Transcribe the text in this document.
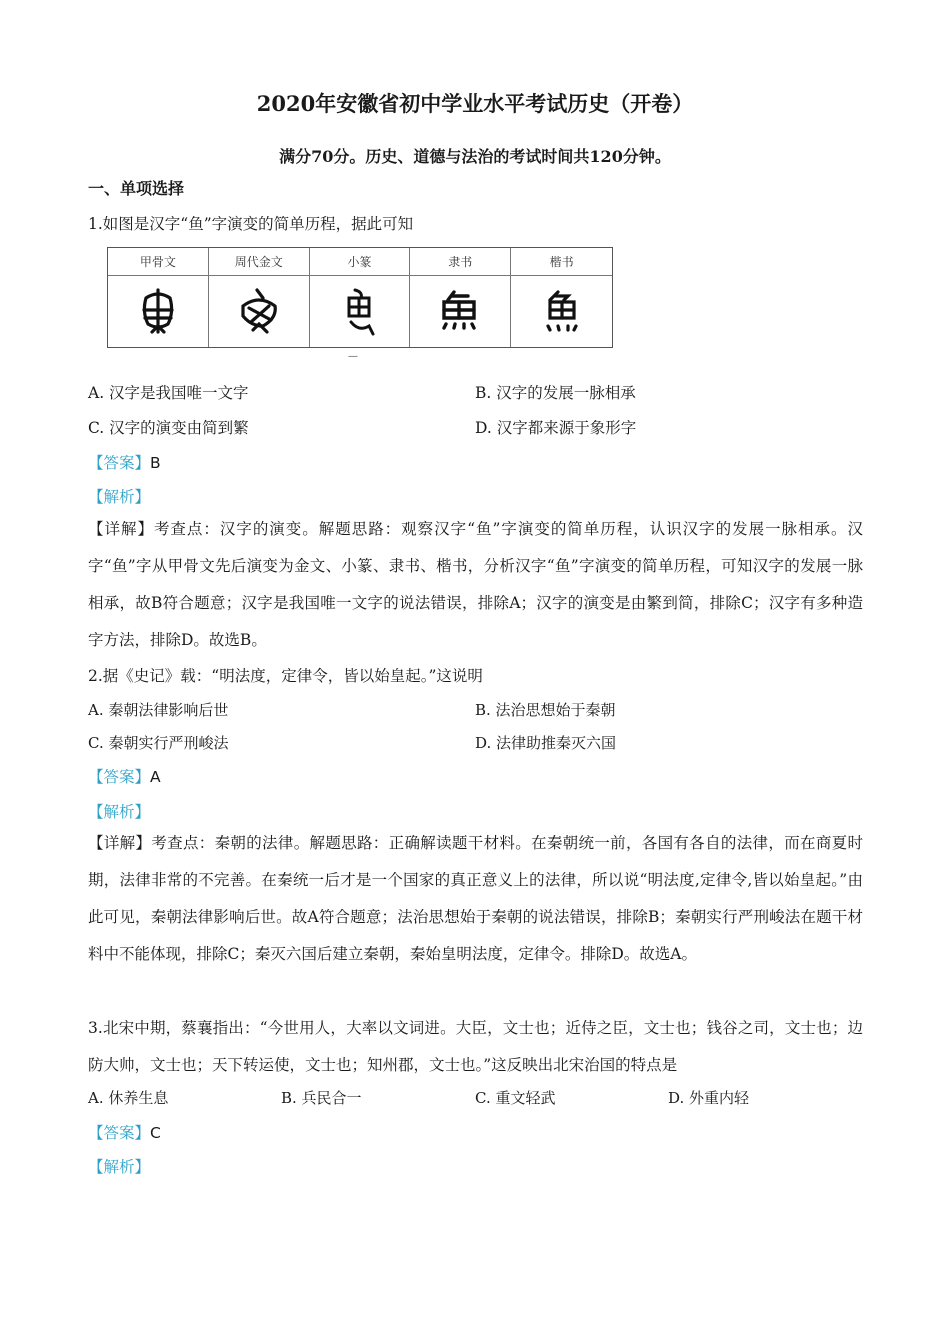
2020年安徽省初中学业水平考试历史（开卷）
满分70分。历史、道德与法治的考试时间共120分钟。
一、单项选择
1.如图是汉字“鱼”字演变的简单历程，据此可知
甲骨文	周代金文	小篆	隶书	楷书
—
A. 汉字是我国唯一文字	B. 汉字的发展一脉相承
C. 汉字的演变由简到繁	D. 汉字都来源于象形字
【答案】B
【解析】
【详解】考查点：汉字的演变。解题思路：观察汉字“鱼”字演变的简单历程，认识汉字的发展一脉相承。汉字“鱼”字从甲骨文先后演变为金文、小篆、隶书、楷书，分析汉字“鱼”字演变的简单历程，可知汉字的发展一脉相承，故B符合题意；汉字是我国唯一文字的说法错误，排除A；汉字的演变是由繁到简，排除C；汉字有多种造字方法，排除D。故选B。
2.据《史记》载：“明法度，定律令，皆以始皇起。”这说明
A. 秦朝法律影响后世	B. 法治思想始于秦朝
C. 秦朝实行严刑峻法	D. 法律助推秦灭六国
【答案】A
【解析】
【详解】考查点：秦朝的法律。解题思路：正确解读题干材料。在秦朝统一前，各国有各自的法律，而在商夏时期，法律非常的不完善。在秦统一后才是一个国家的真正意义上的法律，所以说“明法度,定律令,皆以始皇起。”由此可见，秦朝法律影响后世。故A符合题意；法治思想始于秦朝的说法错误，排除B；秦朝实行严刑峻法在题干材料中不能体现，排除C；秦灭六国后建立秦朝，秦始皇明法度，定律令。排除D。故选A。
3.北宋中期，蔡襄指出：“今世用人，大率以文词进。大臣，文士也；近侍之臣，文士也；钱谷之司，文士也；边防大帅，文士也；天下转运使，文士也；知州郡，文士也。”这反映出北宋治国的特点是
A. 休养生息	B. 兵民合一	C. 重文轻武	D. 外重内轻
【答案】C
【解析】
